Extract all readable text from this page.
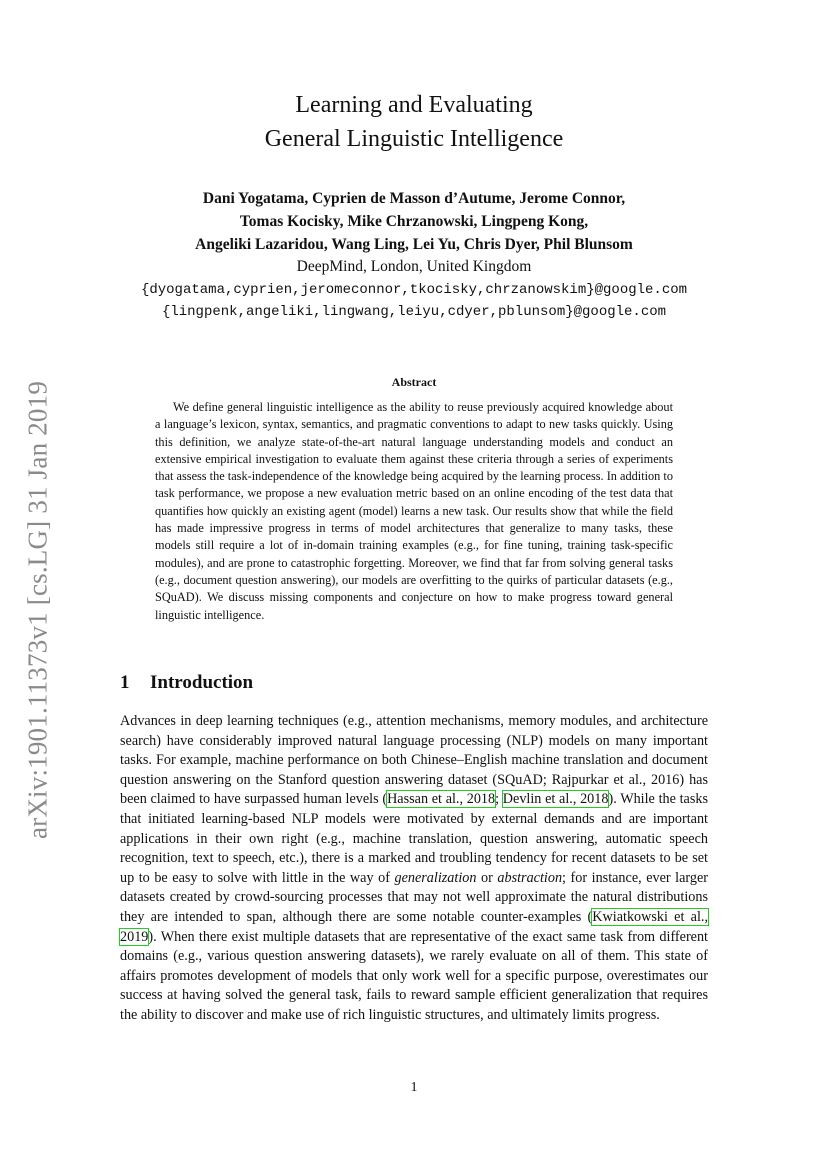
arXiv:1901.11373v1 [cs.LG] 31 Jan 2019
Learning and Evaluating
General Linguistic Intelligence
Dani Yogatama, Cyprien de Masson d’Autume, Jerome Connor,
Tomas Kocisky, Mike Chrzanowski, Lingpeng Kong,
Angeliki Lazaridou, Wang Ling, Lei Yu, Chris Dyer, Phil Blunsom
DeepMind, London, United Kingdom
{dyogatama,cyprien,jeromeconnor,tkocisky,chrzanowskim}@google.com
{lingpenk,angeliki,lingwang,leiyu,cdyer,pblunsom}@google.com
Abstract

We define general linguistic intelligence as the ability to reuse previously acquired knowledge about a language’s lexicon, syntax, semantics, and pragmatic conventions to adapt to new tasks quickly. Using this definition, we analyze state-of-the-art natural language understanding models and conduct an extensive empirical investigation to evaluate them against these criteria through a series of experiments that assess the task-independence of the knowledge being acquired by the learning process. In addition to task performance, we propose a new evaluation metric based on an online encoding of the test data that quantifies how quickly an existing agent (model) learns a new task. Our results show that while the field has made impressive progress in terms of model architectures that generalize to many tasks, these models still require a lot of in-domain training examples (e.g., for fine tuning, training task-specific modules), and are prone to catastrophic forgetting. Moreover, we find that far from solving general tasks (e.g., document question answering), our models are overfitting to the quirks of particular datasets (e.g., SQuAD). We discuss missing components and conjecture on how to make progress toward general linguistic intelligence.

1 Introduction

Advances in deep learning techniques (e.g., attention mechanisms, memory modules, and architecture search) have considerably improved natural language processing (NLP) models on many important tasks. For example, machine performance on both Chinese–English machine translation and document question answering on the Stanford question answering dataset (SQuAD; Rajpurkar et al., 2016) has been claimed to have surpassed human levels (Hassan et al., 2018; Devlin et al., 2018). While the tasks that initiated learning-based NLP models were motivated by external demands and are important applications in their own right (e.g., machine translation, question answering, automatic speech recognition, text to speech, etc.), there is a marked and troubling tendency for recent datasets to be set up to be easy to solve with little in the way of generalization or abstraction; for instance, ever larger datasets created by crowd-sourcing processes that may not well approximate the natural distributions they are intended to span, although there are some notable counter-examples (Kwiatkowski et al., 2019). When there exist multiple datasets that are representative of the exact same task from different domains (e.g., various question answering datasets), we rarely evaluate on all of them. This state of affairs promotes development of models that only work well for a specific purpose, overestimates our success at having solved the general task, fails to reward sample efficient generalization that requires the ability to discover and make use of rich linguistic structures, and ultimately limits progress.

1
